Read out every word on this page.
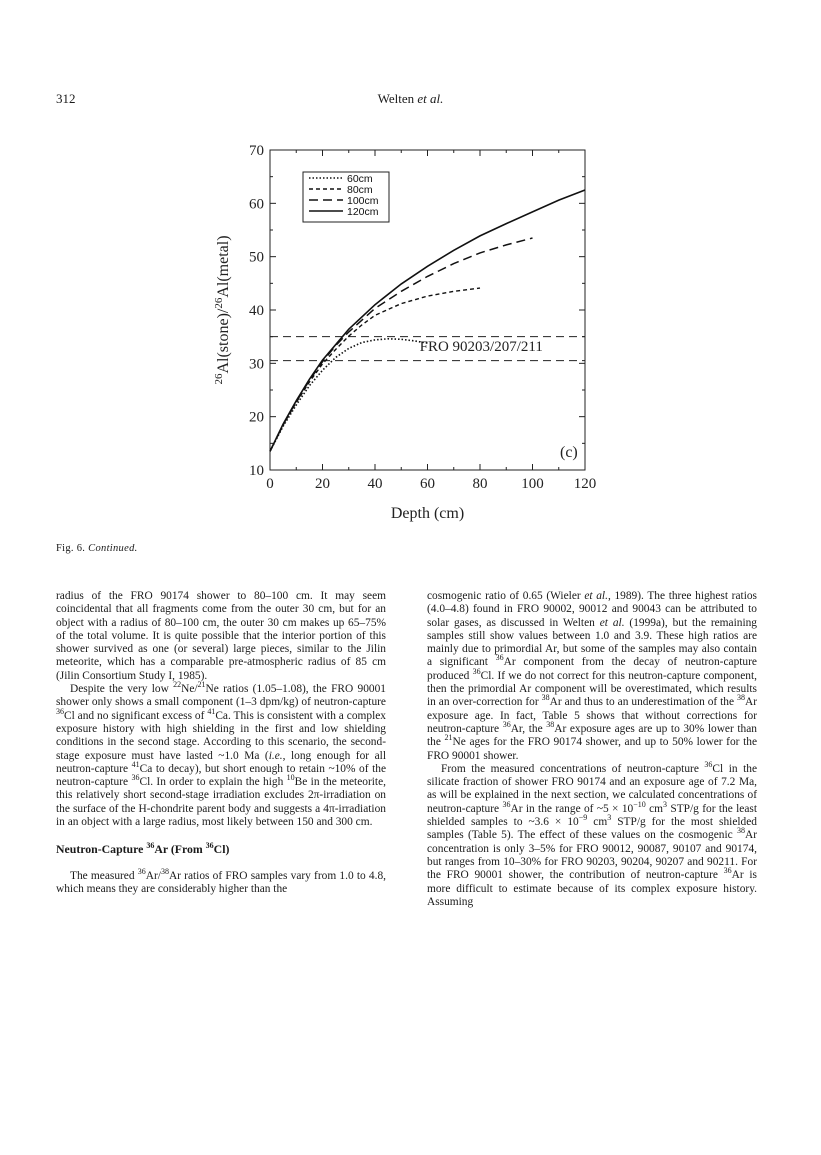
312	Welten et al.
0	20	40	60	80 100 120
10
20
30
40
50
60
70
Depth (cm)
$^{26}$Al(stone)/$^{26}$Al(metal)
FRO 90203/207/211
60cm
80cm
100cm
120cm
(c)
Fig. 6. Continued.

radius of the FRO 90174 shower to 80–100 cm. It may seem coincidental that all fragments come from the outer 30 cm, but for an object with a radius of 80–100 cm, the outer 30 cm makes up 65–75% of the total volume. It is quite possible that the interior portion of this shower survived as one (or several) large pieces, similar to the Jilin meteorite, which has a comparable pre-atmospheric radius of 85 cm (Jilin Consortium Study I, 1985).

Despite the very low $^{22}$Ne/$^{21}$Ne ratios (1.05–1.08), the FRO 90001 shower only shows a small component (1–3 dpm/kg) of neutron-capture $^{36}$Cl and no significant excess of $^{41}$Ca. This is consistent with a complex exposure history with high shielding in the first and low shielding conditions in the second stage. According to this scenario, the second-stage exposure must have lasted ~1.0 Ma (i.e., long enough for all neutron-capture $^{41}$Ca to decay), but short enough to retain ~10% of the neutron-capture $^{36}$Cl. In order to explain the high $^{10}$Be in the meteorite, this relatively short second-stage irradiation excludes 2π-irradiation on the surface of the H-chondrite parent body and suggests a 4π-irradiation in an object with a large radius, most likely between 150 and 300 cm.

Neutron-Capture $^{36}$Ar (From $^{36}$Cl)

The measured $^{36}$Ar/$^{38}$Ar ratios of FRO samples vary from 1.0 to 4.8, which means they are considerably higher than the

cosmogenic ratio of 0.65 (Wieler et al., 1989). The three highest ratios (4.0–4.8) found in FRO 90002, 90012 and 90043 can be attributed to solar gases, as discussed in Welten et al. (1999a), but the remaining samples still show values between 1.0 and 3.9. These high ratios are mainly due to primordial Ar, but some of the samples may also contain a significant $^{36}$Ar component from the decay of neutron-capture produced $^{36}$Cl. If we do not correct for this neutron-capture component, then the primordial Ar component will be overestimated, which results in an over-correction for $^{38}$Ar and thus to an underestimation of the $^{38}$Ar exposure age. In fact, Table 5 shows that without corrections for neutron-capture $^{36}$Ar, the $^{38}$Ar exposure ages are up to 30% lower than the $^{21}$Ne ages for the FRO 90174 shower, and up to 50% lower for the FRO 90001 shower.

From the measured concentrations of neutron-capture $^{36}$Cl in the silicate fraction of shower FRO 90174 and an exposure age of 7.2 Ma, as will be explained in the next section, we calculated concentrations of neutron-capture $^{36}$Ar in the range of ~5 × $10^{-10}$ $cm^3$ STP/g for the least shielded samples to ~3.6 × $10^{-9}$ $cm^3$ STP/g for the most shielded samples (Table 5). The effect of these values on the cosmogenic $^{38}$Ar concentration is only 3–5% for FRO 90012, 90087, 90107 and 90174, but ranges from 10–30% for FRO 90203, 90204, 90207 and 90211. For the FRO 90001 shower, the contribution of neutron-capture $^{36}$Ar is more difficult to estimate because of its complex exposure history. Assuming
